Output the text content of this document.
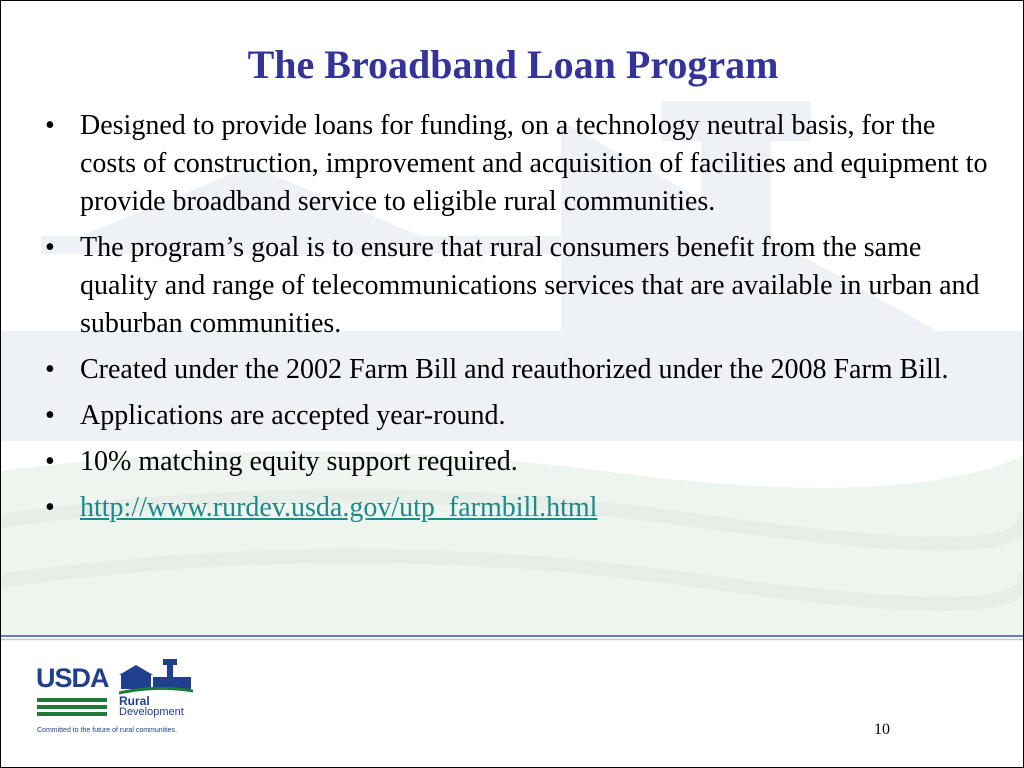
The Broadband Loan Program
• Designed to provide loans for funding, on a technology neutral basis, for the costs of construction, improvement and acquisition of facilities and equipment to provide broadband service to eligible rural communities.
• The program’s goal is to ensure that rural consumers benefit from the same quality and range of telecommunications services that are available in urban and suburban communities.
• Created under the 2002 Farm Bill and reauthorized under the 2008 Farm Bill.
• Applications are accepted year-round.
• 10% matching equity support required.
• http://www.rurdev.usda.gov/utp_farmbill.html
USDA
Rural
Development
Committed to the future of rural communities.	10
